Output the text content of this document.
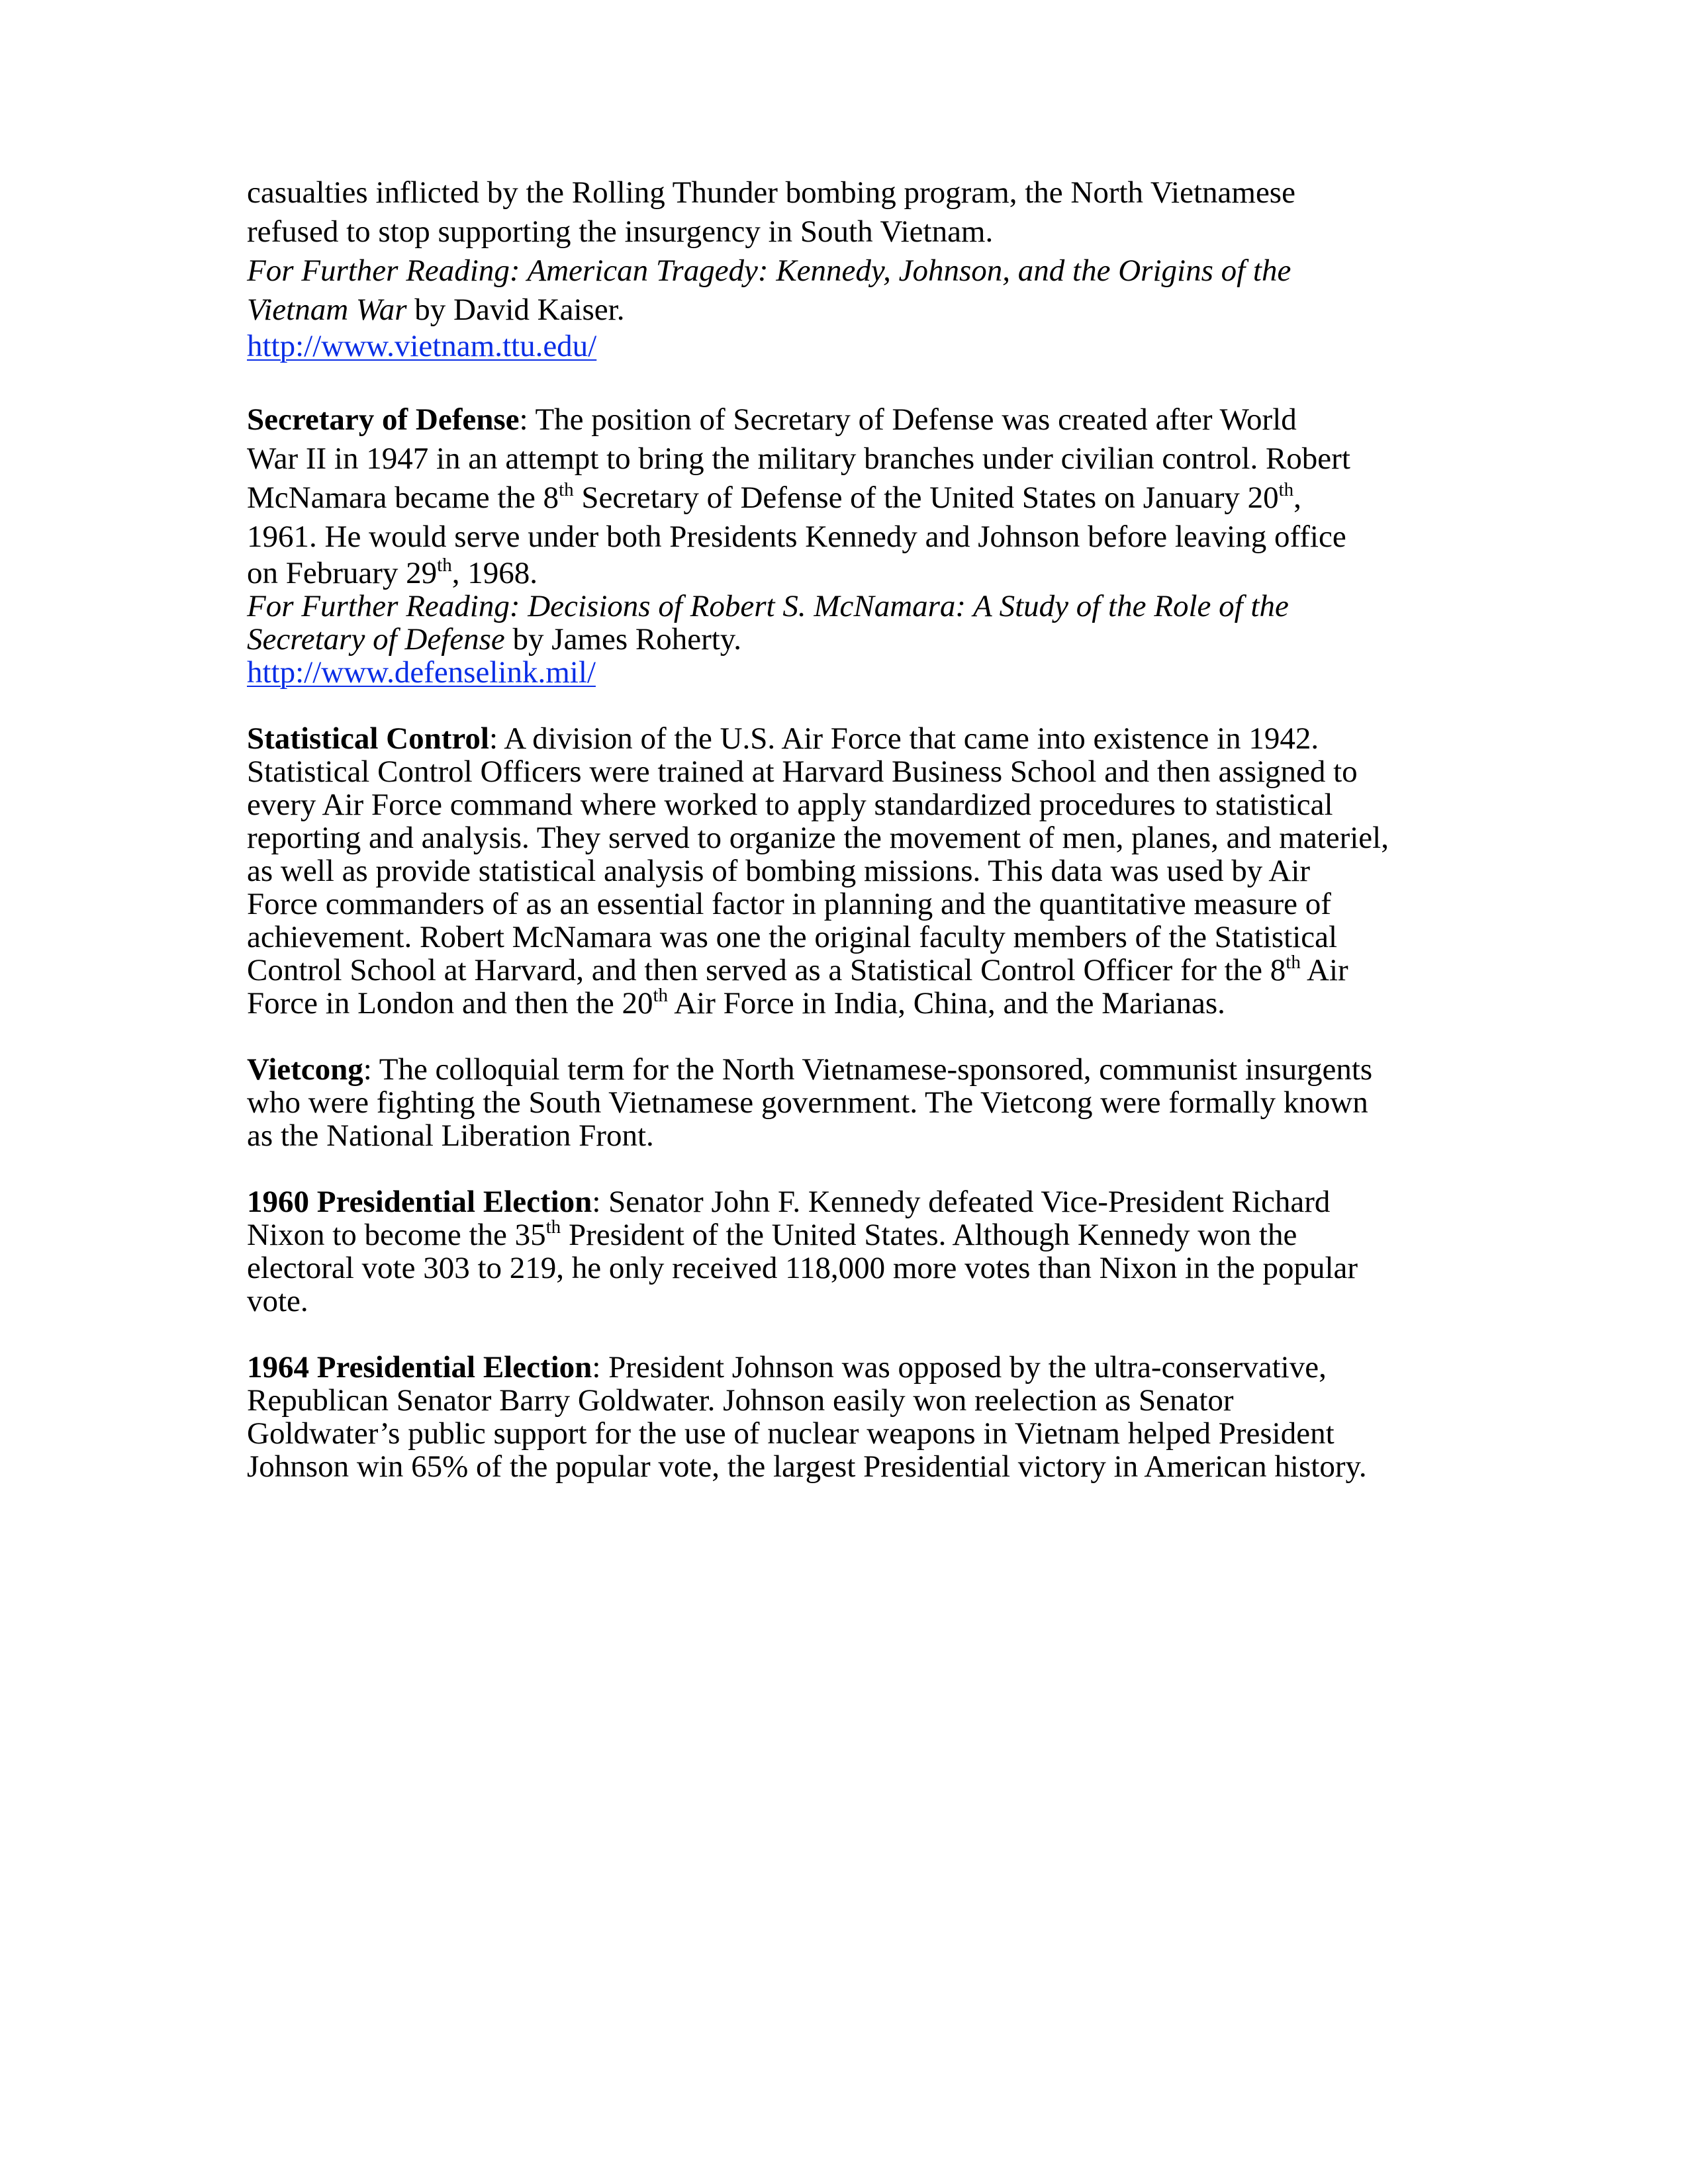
casualties inflicted by the Rolling Thunder bombing program, the North Vietnamese
refused to stop supporting the insurgency in South Vietnam.
For Further Reading: American Tragedy: Kennedy, Johnson, and the Origins of the
Vietnam War by David Kaiser.
http://www.vietnam.ttu.edu/
Secretary of Defense: The position of Secretary of Defense was created after World
War II in 1947 in an attempt to bring the military branches under civilian control. Robert
McNamara became the 8th Secretary of Defense of the United States on January 20th,
1961. He would serve under both Presidents Kennedy and Johnson before leaving office
on February 29th, 1968.
For Further Reading: Decisions of Robert S. McNamara: A Study of the Role of the
Secretary of Defense by James Roherty.
http://www.defenselink.mil/
Statistical Control: A division of the U.S. Air Force that came into existence in 1942.
Statistical Control Officers were trained at Harvard Business School and then assigned to
every Air Force command where worked to apply standardized procedures to statistical
reporting and analysis. They served to organize the movement of men, planes, and materiel,
as well as provide statistical analysis of bombing missions. This data was used by Air
Force commanders of as an essential factor in planning and the quantitative measure of
achievement. Robert McNamara was one the original faculty members of the Statistical
Control School at Harvard, and then served as a Statistical Control Officer for the 8th Air
Force in London and then the 20th Air Force in India, China, and the Marianas.
Vietcong: The colloquial term for the North Vietnamese-sponsored, communist insurgents
who were fighting the South Vietnamese government. The Vietcong were formally known
as the National Liberation Front.
1960 Presidential Election: Senator John F. Kennedy defeated Vice-President Richard
Nixon to become the 35th President of the United States. Although Kennedy won the
electoral vote 303 to 219, he only received 118,000 more votes than Nixon in the popular
vote.
1964 Presidential Election: President Johnson was opposed by the ultra-conservative,
Republican Senator Barry Goldwater. Johnson easily won reelection as Senator
Goldwater’s public support for the use of nuclear weapons in Vietnam helped President
Johnson win 65% of the popular vote, the largest Presidential victory in American history.
